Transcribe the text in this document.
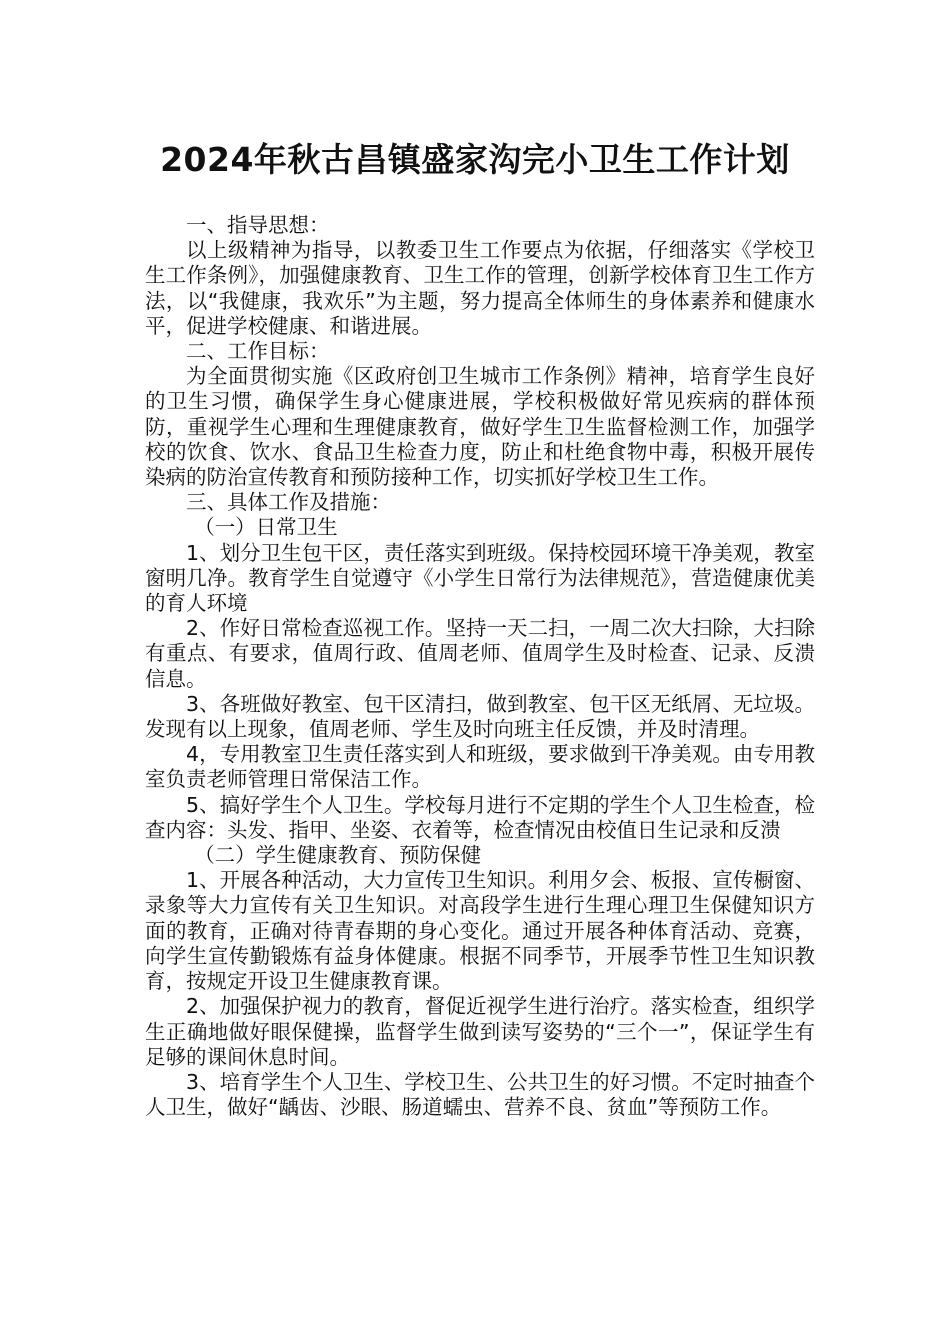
2024年秋古昌镇盛家沟完小卫生工作计划

一、指导思想：

以上级精神为指导，以教委卫生工作要点为依据，仔细落实《学校卫生工作条例》，加强健康教育、卫生工作的管理，创新学校体育卫生工作方法，以“我健康，我欢乐”为主题，努力提高全体师生的身体素养和健康水平，促进学校健康、和谐进展。

二、工作目标：

为全面贯彻实施《区政府创卫生城市工作条例》精神，培育学生良好的卫生习惯，确保学生身心健康进展，学校积极做好常见疾病的群体预防，重视学生心理和生理健康教育，做好学生卫生监督检测工作，加强学校的饮食、饮水、食品卫生检查力度，防止和杜绝食物中毒，积极开展传染病的防治宣传教育和预防接种工作，切实抓好学校卫生工作。

三、具体工作及措施：

（一）日常卫生

1、划分卫生包干区，责任落实到班级。保持校园环境干净美观，教室窗明几净。教育学生自觉遵守《小学生日常行为法律规范》，营造健康优美的育人环境

2、作好日常检查巡视工作。坚持一天二扫，一周二次大扫除，大扫除有重点、有要求，值周行政、值周老师、值周学生及时检查、记录、反溃信息。

3、各班做好教室、包干区清扫，做到教室、包干区无纸屑、无垃圾。发现有以上现象，值周老师、学生及时向班主任反馈，并及时清理。

4，专用教室卫生责任落实到人和班级，要求做到干净美观。由专用教室负责老师管理日常保洁工作。

5、搞好学生个人卫生。学校每月进行不定期的学生个人卫生检查，检查内容：头发、指甲、坐姿、衣着等，检查情况由校值日生记录和反溃

（二）学生健康教育、预防保健

1、开展各种活动，大力宣传卫生知识。利用夕会、板报、宣传橱窗、录象等大力宣传有关卫生知识。对高段学生进行生理心理卫生保健知识方面的教育，正确对待青春期的身心变化。通过开展各种体育活动、竞赛，向学生宣传勤锻炼有益身体健康。根据不同季节，开展季节性卫生知识教育，按规定开设卫生健康教育课。

2、加强保护视力的教育，督促近视学生进行治疗。落实检查，组织学生正确地做好眼保健操，监督学生做到读写姿势的“三个一”，保证学生有足够的课间休息时间。

3、培育学生个人卫生、学校卫生、公共卫生的好习惯。不定时抽查个人卫生，做好“龋齿、沙眼、肠道蠕虫、营养不良、贫血”等预防工作。
